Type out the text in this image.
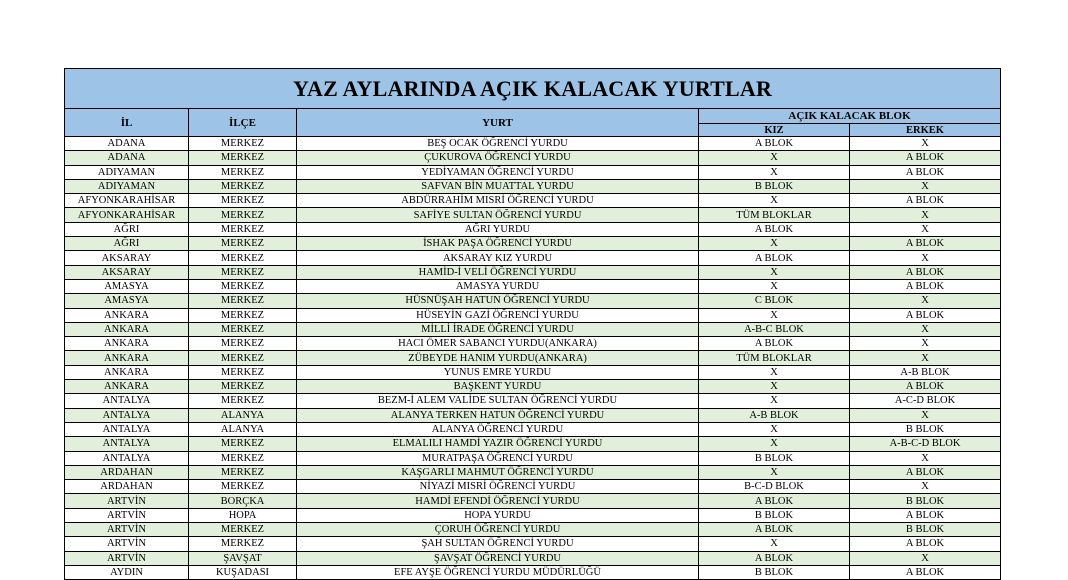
YAZ AYLARINDA AÇIK KALACAK YURTLAR				
İL	İLÇE	YURT	AÇIK KALACAK BLOK	
			KIZ	ERKEK
ADANA	MERKEZ	BEŞ OCAK ÖĞRENCİ YURDU	A BLOK	X
ADANA	MERKEZ	ÇUKUROVA ÖĞRENCİ YURDU	X	A BLOK
ADIYAMAN	MERKEZ	YEDİYAMAN ÖĞRENCİ YURDU	X	A BLOK
ADIYAMAN	MERKEZ	SAFVAN BİN MUATTAL YURDU	B BLOK	X
AFYONKARAHİSAR	MERKEZ	ABDÜRRAHİM MISRİ ÖĞRENCİ YURDU	X	A BLOK
AFYONKARAHİSAR	MERKEZ	SAFİYE SULTAN ÖĞRENCİ YURDU	TÜM BLOKLAR	X
AĞRI	MERKEZ	AĞRI YURDU	A BLOK	X
AĞRI	MERKEZ	İSHAK PAŞA ÖĞRENCİ YURDU	X	A BLOK
AKSARAY	MERKEZ	AKSARAY KIZ YURDU	A BLOK	X
AKSARAY	MERKEZ	HAMİD-İ VELİ ÖĞRENCİ YURDU	X	A BLOK
AMASYA	MERKEZ	AMASYA YURDU	X	A BLOK
AMASYA	MERKEZ	HÜSNÜŞAH HATUN ÖĞRENCİ YURDU	C BLOK	X
ANKARA	MERKEZ	HÜSEYİN GAZİ ÖĞRENCİ YURDU	X	A BLOK
ANKARA	MERKEZ	MİLLİ İRADE ÖĞRENCİ YURDU	A-B-C BLOK	X
ANKARA	MERKEZ	HACI ÖMER SABANCI YURDU(ANKARA)	A BLOK	X
ANKARA	MERKEZ	ZÜBEYDE HANIM YURDU(ANKARA)	TÜM BLOKLAR	X
ANKARA	MERKEZ	YUNUS EMRE YURDU	X	A-B BLOK
ANKARA	MERKEZ	BAŞKENT YURDU	X	A BLOK
ANTALYA	MERKEZ	BEZM-İ ALEM VALİDE SULTAN ÖĞRENCİ YURDU	X	A-C-D BLOK
ANTALYA	ALANYA	ALANYA TERKEN HATUN ÖĞRENCİ YURDU	A-B BLOK	X
ANTALYA	ALANYA	ALANYA ÖĞRENCİ YURDU	X	B BLOK
ANTALYA	MERKEZ	ELMALILI HAMDİ YAZIR ÖĞRENCİ YURDU	X	A-B-C-D BLOK
ANTALYA	MERKEZ	MURATPAŞA ÖĞRENCİ YURDU	B BLOK	X
ARDAHAN	MERKEZ	KAŞGARLI MAHMUT ÖĞRENCİ YURDU	X	A BLOK
ARDAHAN	MERKEZ	NİYAZİ MISRİ ÖĞRENCİ YURDU	B-C-D BLOK	X
ARTVİN	BORÇKA	HAMDİ EFENDİ ÖĞRENCİ YURDU	A BLOK	B BLOK
ARTVİN	HOPA	HOPA YURDU	B BLOK	A BLOK
ARTVİN	MERKEZ	ÇORUH ÖĞRENCİ YURDU	A BLOK	B BLOK
ARTVİN	MERKEZ	ŞAH SULTAN ÖĞRENCİ YURDU	X	A BLOK
ARTVİN	ŞAVŞAT	ŞAVŞAT ÖĞRENCİ YURDU	A BLOK	X
AYDIN	KUŞADASI	EFE AYŞE ÖĞRENCİ YURDU MÜDÜRLÜĞÜ	B BLOK	A BLOK
